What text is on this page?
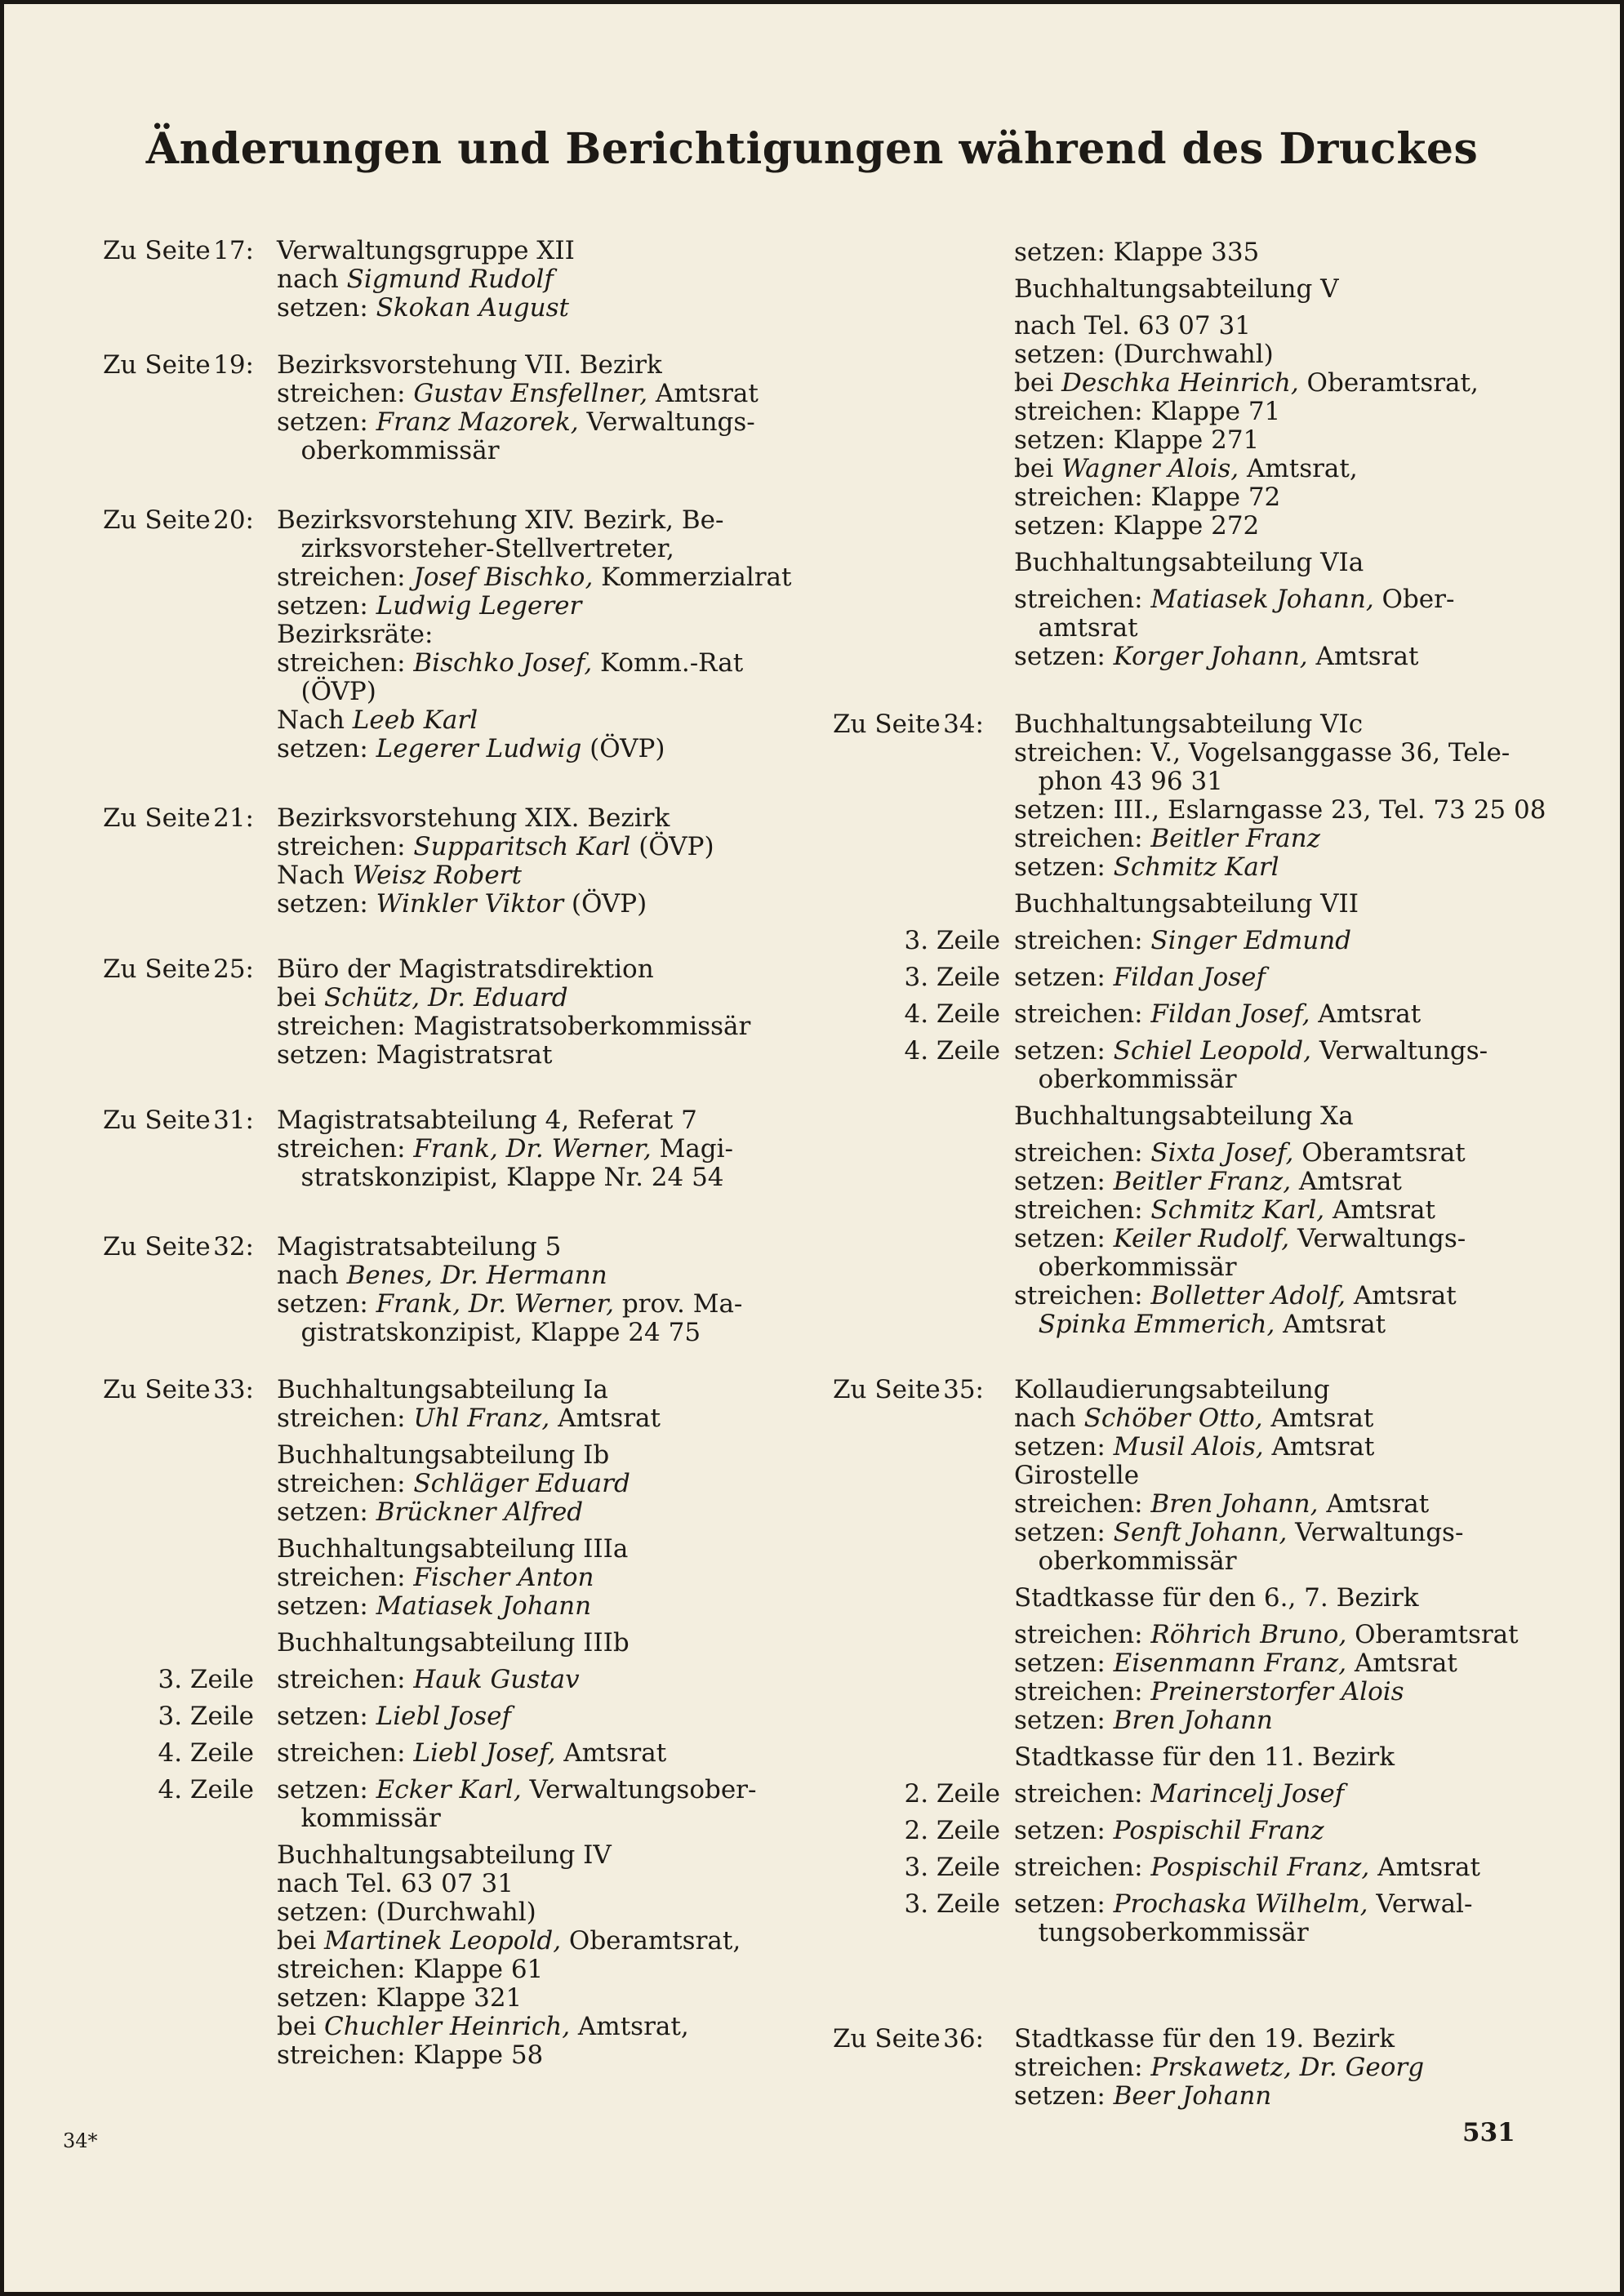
Änderungen und Berichtigungen während des Druckes
Zu Seite 17: Verwaltungsgruppe XII
nach Sigmund Rudolf
setzen: Skokan August
Zu Seite 19: Bezirksvorstehung VII. Bezirk
streichen: Gustav Ensfellner, Amtsrat
setzen: Franz Mazorek, Verwaltungs-
oberkommissär
Zu Seite 20: Bezirksvorstehung XIV. Bezirk, Be-
zirksvorsteher-Stellvertreter,
streichen: Josef Bischko, Kommerzialrat
setzen: Ludwig Legerer
Bezirksräte:
streichen: Bischko Josef, Komm.-Rat
(ÖVP)
Nach Leeb Karl
setzen: Legerer Ludwig (ÖVP)
Zu Seite 21: Bezirksvorstehung XIX. Bezirk
streichen: Supparitsch Karl (ÖVP)
Nach Weisz Robert
setzen: Winkler Viktor (ÖVP)
Zu Seite 25: Büro der Magistratsdirektion
bei Schütz, Dr. Eduard
streichen: Magistratsoberkommissär
setzen: Magistratsrat
Zu Seite 31: Magistratsabteilung 4, Referat 7
streichen: Frank, Dr. Werner, Magi-
stratskonzipist, Klappe Nr. 24 54
Zu Seite 32: Magistratsabteilung 5
nach Benes, Dr. Hermann
setzen: Frank, Dr. Werner, prov. Ma-
gistratskonzipist, Klappe 24 75
Zu Seite 33: Buchhaltungsabteilung Ia
streichen: Uhl Franz, Amtsrat
Buchhaltungsabteilung Ib
streichen: Schläger Eduard
setzen: Brückner Alfred
Buchhaltungsabteilung IIIa
streichen: Fischer Anton
setzen: Matiasek Johann
Buchhaltungsabteilung IIIb
3. Zeile streichen: Hauk Gustav
3. Zeile setzen: Liebl Josef
4. Zeile streichen: Liebl Josef, Amtsrat
4. Zeile setzen: Ecker Karl, Verwaltungsober-
kommissär
Buchhaltungsabteilung IV
nach Tel. 63 07 31
setzen: (Durchwahl)
bei Martinek Leopold, Oberamtsrat,
streichen: Klappe 61
setzen: Klappe 321
bei Chuchler Heinrich, Amtsrat,
streichen: Klappe 58
setzen: Klappe 335
Buchhaltungsabteilung V
nach Tel. 63 07 31
setzen: (Durchwahl)
bei Deschka Heinrich, Oberamtsrat,
streichen: Klappe 71
setzen: Klappe 271
bei Wagner Alois, Amtsrat,
streichen: Klappe 72
setzen: Klappe 272
Buchhaltungsabteilung VIa
streichen: Matiasek Johann, Ober-
amtsrat
setzen: Korger Johann, Amtsrat
Zu Seite 34: Buchhaltungsabteilung VIc
streichen: V., Vogelsanggasse 36, Tele-
phon 43 96 31
setzen: III., Eslarngasse 23, Tel. 73 25 08
streichen: Beitler Franz
setzen: Schmitz Karl
Buchhaltungsabteilung VII
3. Zeile streichen: Singer Edmund
3. Zeile setzen: Fildan Josef
4. Zeile streichen: Fildan Josef, Amtsrat
4. Zeile setzen: Schiel Leopold, Verwaltungs-
oberkommissär
Buchhaltungsabteilung Xa
streichen: Sixta Josef, Oberamtsrat
setzen: Beitler Franz, Amtsrat
streichen: Schmitz Karl, Amtsrat
setzen: Keiler Rudolf, Verwaltungs-
oberkommissär
streichen: Bolletter Adolf, Amtsrat
Spinka Emmerich, Amtsrat
Zu Seite 35: Kollaudierungsabteilung
nach Schöber Otto, Amtsrat
setzen: Musil Alois, Amtsrat
Girostelle
streichen: Bren Johann, Amtsrat
setzen: Senft Johann, Verwaltungs-
oberkommissär
Stadtkasse für den 6., 7. Bezirk
streichen: Röhrich Bruno, Oberamtsrat
setzen: Eisenmann Franz, Amtsrat
streichen: Preinerstorfer Alois
setzen: Bren Johann
Stadtkasse für den 11. Bezirk
2. Zeile streichen: Marincelj Josef
2. Zeile setzen: Pospischil Franz
3. Zeile streichen: Pospischil Franz, Amtsrat
3. Zeile setzen: Prochaska Wilhelm, Verwal-
tungsoberkommissär
Zu Seite 36: Stadtkasse für den 19. Bezirk
streichen: Prskawetz, Dr. Georg
setzen: Beer Johann
34*	531
